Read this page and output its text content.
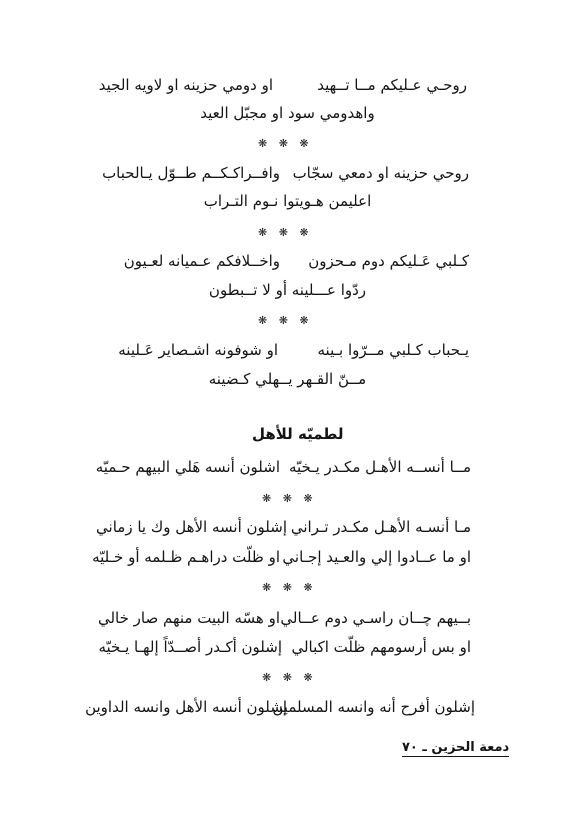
روحـي عـليكم مــا تــهيد
او دومي حزينه او لاويه الجيد
واهدومي سود او مجبّل العيد
❋ ❋ ❋
روحي حزينه او دمعي سجّاب
وافــراكـكــم طــوّل يـالحباب
اعليمن هـويتوا نـوم التـراب
❋ ❋ ❋
كـلبي عَـليكم دوم مـحزون
واخــلافكم عـميانه لعـيون
ردّوا عـــلينه أو لا تــبطون
❋ ❋ ❋
يـحباب كـلبي مــرّوا بـينه
او شوفونه اشـصاير عَـلينه
مــنّ القـهر يــهلي كـضينه
لطميّه للأهل
مــا أنســه الأهـل مكـدر يـخيّه
اشلون أنسه هَلي البيهم حـميّه
❋ ❋ ❋
مـا أنسـه الأهـل مكـدر تـراني
إشلون أنسه الأهل وك يا زماني
او ما عــادوا إلي والعـيد إجـاني
او ظلّت دراهـم ظـلمه أو خـليّه
❋ ❋ ❋
بــيهم چــان راسـي دوم عــالي
او هسّه البيت منهم صار خالي
او بس أرسومهم ظلّت اكبالي
إشلون أكـدر أصــدّاً إلهـا يـخيّه
❋ ❋ ❋
إشلون أفرح أنه وانسه المسلمين
إشلون أنسه الأهل وانسه الداوين
دمعة الحزين ـ ٧٠
